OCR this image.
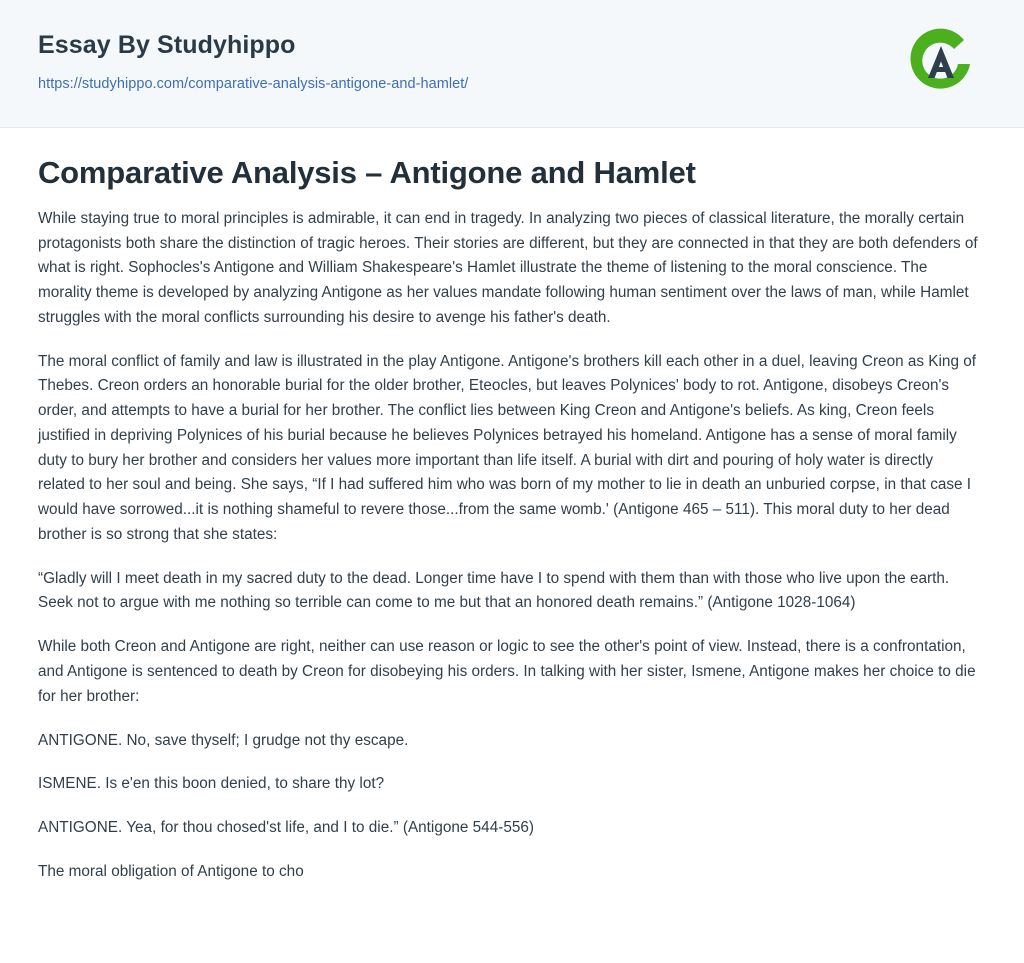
Essay By Studyhippo
https://studyhippo.com/comparative-analysis-antigone-and-hamlet/
Comparative Analysis – Antigone and Hamlet

While staying true to moral principles is admirable, it can end in tragedy. In analyzing two pieces of classical literature, the morally certain protagonists both share the distinction of tragic heroes. Their stories are different, but they are connected in that they are both defenders of what is right. Sophocles's Antigone and William Shakespeare's Hamlet illustrate the theme of listening to the moral conscience. The morality theme is developed by analyzing Antigone as her values mandate following human sentiment over the laws of man, while Hamlet struggles with the moral conflicts surrounding his desire to avenge his father's death.

The moral conflict of family and law is illustrated in the play Antigone. Antigone's brothers kill each other in a duel, leaving Creon as King of Thebes. Creon orders an honorable burial for the older brother, Eteocles, but leaves Polynices' body to rot. Antigone, disobeys Creon's order, and attempts to have a burial for her brother. The conflict lies between King Creon and Antigone's beliefs. As king, Creon feels justified in depriving Polynices of his burial because he believes Polynices betrayed his homeland. Antigone has a sense of moral family duty to bury her brother and considers her values more important than life itself. A burial with dirt and pouring of holy water is directly related to her soul and being. She says, “If I had suffered him who was born of my mother to lie in death an unburied corpse, in that case I would have sorrowed...it is nothing shameful to revere those...from the same womb.' (Antigone 465 – 511). This moral duty to her dead brother is so strong that she states:

“Gladly will I meet death in my sacred duty to the dead. Longer time have I to spend with them than with those who live upon the earth. Seek not to argue with me nothing so terrible can come to me but that an honored death remains.” (Antigone 1028-1064)

While both Creon and Antigone are right, neither can use reason or logic to see the other's point of view. Instead, there is a confrontation, and Antigone is sentenced to death by Creon for disobeying his orders. In talking with her sister, Ismene, Antigone makes her choice to die for her brother:

ANTIGONE. No, save thyself; I grudge not thy escape.

ISMENE. Is e'en this boon denied, to share thy lot?

ANTIGONE. Yea, for thou chosed'st life, and I to die.” (Antigone 544-556)

The moral obligation of Antigone to cho
